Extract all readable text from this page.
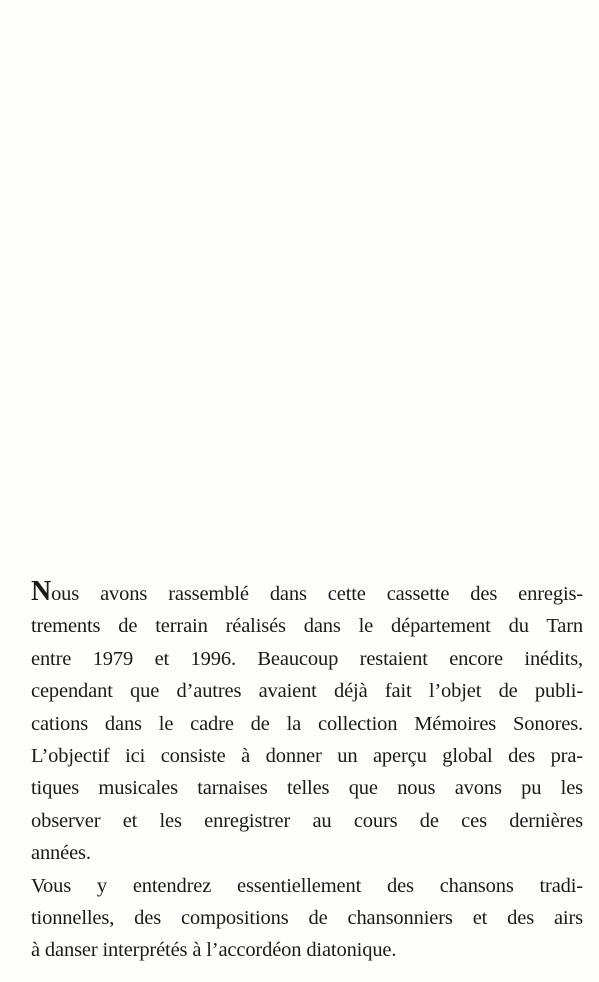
Nous avons rassemblé dans cette cassette des enregis-
trements de terrain réalisés dans le département du Tarn
entre 1979 et 1996. Beaucoup restaient encore inédits,
cependant que d’autres avaient déjà fait l’objet de publi-
cations dans le cadre de la collection Mémoires Sonores.
L’objectif ici consiste à donner un aperçu global des pra-
tiques musicales tarnaises telles que nous avons pu les
observer et les enregistrer au cours de ces dernières
années.
Vous y entendrez essentiellement des chansons tradi-
tionnelles, des compositions de chansonniers et des airs
à danser interprétés à l’accordéon diatonique.
